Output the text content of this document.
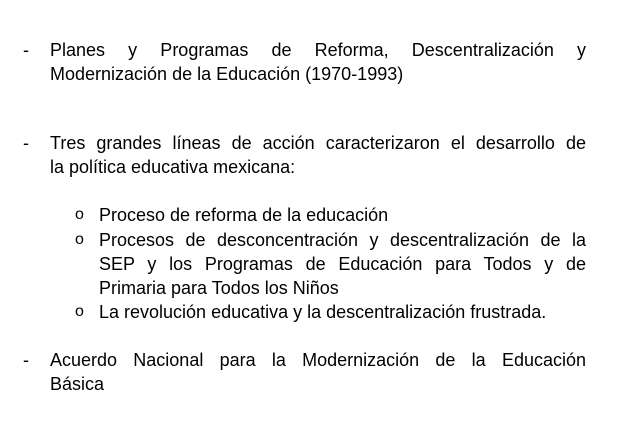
- Planes y Programas de Reforma, Descentralización y
Modernización de la Educación (1970-1993)
- Tres grandes líneas de acción caracterizaron el desarrollo de
la política educativa mexicana:
o Proceso de reforma de la educación
o Procesos de desconcentración y descentralización de la
SEP y los Programas de Educación para Todos y de
Primaria para Todos los Niños
o La revolución educativa y la descentralización frustrada.
- Acuerdo Nacional para la Modernización de la Educación
Básica
